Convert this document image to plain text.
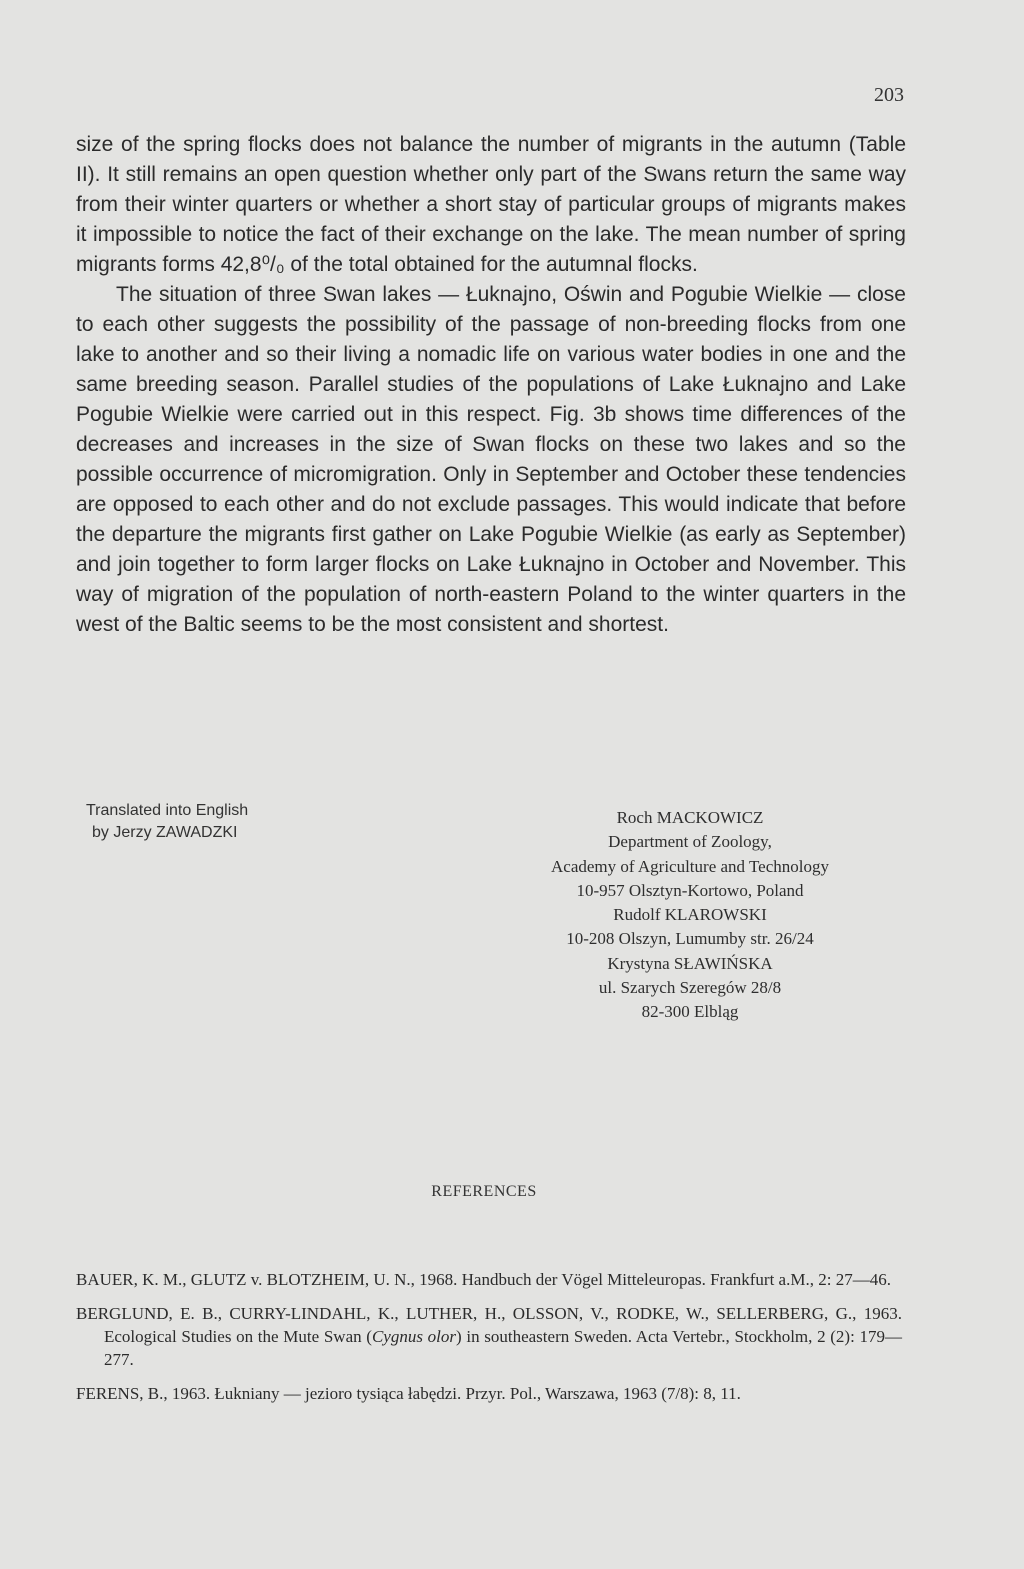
203

size of the spring flocks does not balance the number of migrants in the autumn (Table II). It still remains an open question whether only part of the Swans return the same way from their winter quarters or whether a short stay of particular groups of migrants makes it impossible to notice the fact of their exchange on the lake. The mean number of spring migrants forms 42,8⁰/₀ of the total obtained for the autumnal flocks.

The situation of three Swan lakes — Łuknajno, Oświn and Pogubie Wielkie — close to each other suggests the possibility of the passage of non-breeding flocks from one lake to another and so their living a nomadic life on various water bodies in one and the same breeding season. Parallel studies of the populations of Lake Łuknajno and Lake Pogubie Wielkie were carried out in this respect. Fig. 3b shows time differences of the decreases and increases in the size of Swan flocks on these two lakes and so the possible occurrence of micromigration. Only in September and October these tendencies are opposed to each other and do not exclude passages. This would indicate that before the departure the migrants first gather on Lake Pogubie Wielkie (as early as September) and join together to form larger flocks on Lake Łuknajno in October and November. This way of migration of the population of north-eastern Poland to the winter quarters in the west of the Baltic seems to be the most consistent and shortest.

Translated into English
by Jerzy ZAWADZKI
Roch MACKOWICZ
Department of Zoology,
Academy of Agriculture and Technology
10-957 Olsztyn-Kortowo, Poland
Rudolf KLAROWSKI
10-208 Olszyn, Lumumby str. 26/24
Krystyna SŁAWIŃSKA
ul. Szarych Szeregów 28/8
82-300 Elbląg
REFERENCES
BAUER, K. M., GLUTZ v. BLOTZHEIM, U. N., 1968. Handbuch der Vögel Mitteleuropas. Frankfurt a.M., 2: 27—46.
BERGLUND, E. B., CURRY-LINDAHL, K., LUTHER, H., OLSSON, V., RODKE, W., SELLERBERG, G., 1963. Ecological Studies on the Mute Swan (Cygnus olor) in southeastern Sweden. Acta Vertebr., Stockholm, 2 (2): 179—277.
FERENS, B., 1963. Łukniany — jezioro tysiąca łabędzi. Przyr. Pol., Warszawa, 1963 (7/8): 8, 11.
